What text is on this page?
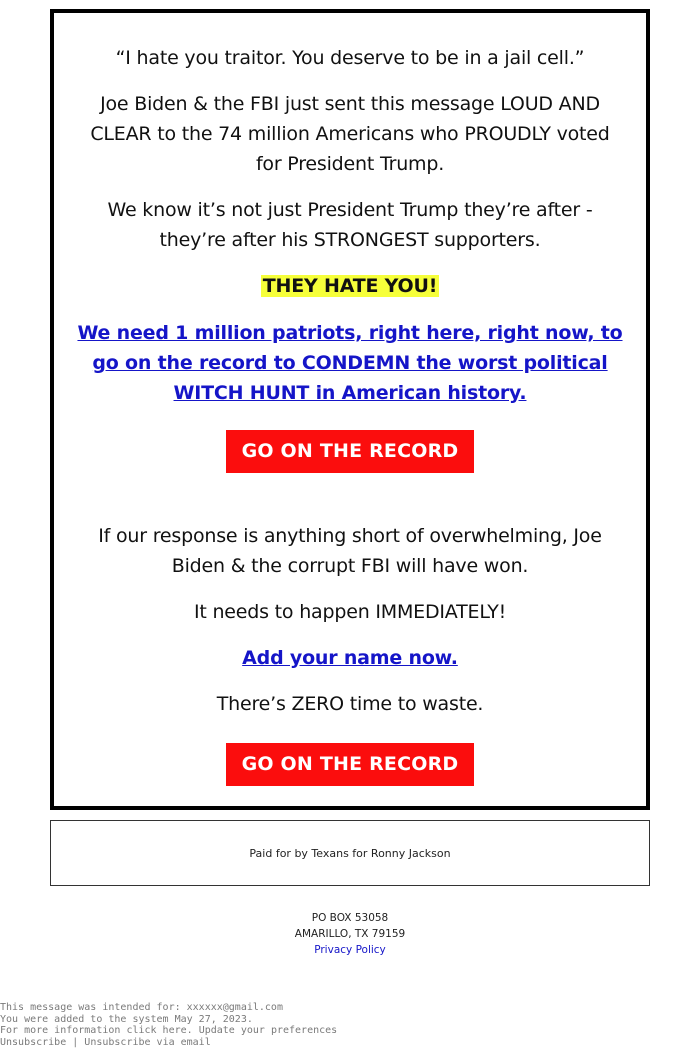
“I hate you traitor. You deserve to be in a jail cell.”

Joe Biden & the FBI just sent this message LOUD AND CLEAR to the 74 million Americans who PROUDLY voted for President Trump.

We know it’s not just President Trump they’re after - they’re after his STRONGEST supporters.

THEY HATE YOU!

We need 1 million patriots, right here, right now, to go on the record to CONDEMN the worst political WITCH HUNT in American history.

GO ON THE RECORD

If our response is anything short of overwhelming, Joe Biden & the corrupt FBI will have won.

It needs to happen IMMEDIATELY!

Add your name now.

There’s ZERO time to waste.

GO ON THE RECORD
Paid for by Texans for Ronny Jackson
PO BOX 53058
AMARILLO, TX 79159
Privacy Policy
This message was intended for: xxxxxx@gmail.com
You were added to the system May 27, 2023.
For more information click here. Update your preferences
Unsubscribe | Unsubscribe via email
